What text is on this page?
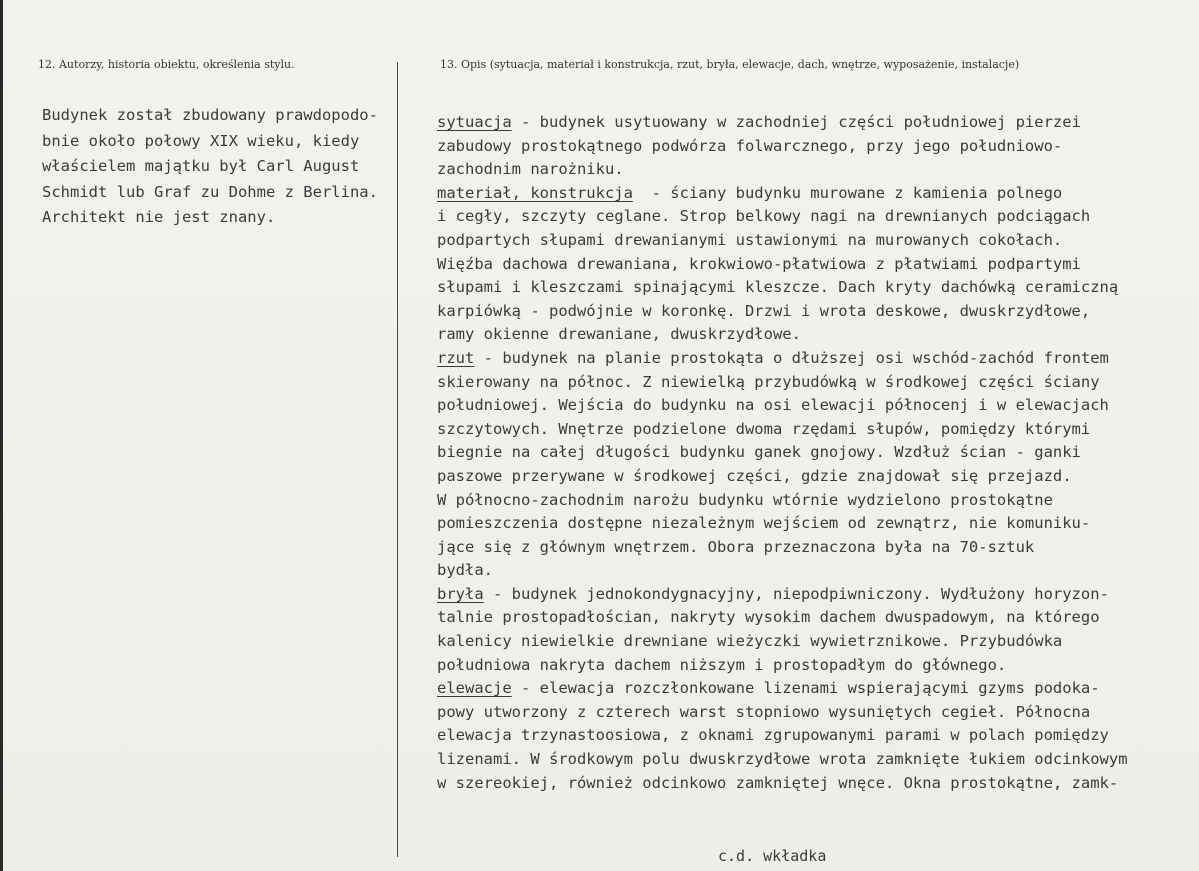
12. Autorzy, historia obiektu, określenia stylu.	13. Opis (sytuacja, materiał i konstrukcja, rzut, bryła, elewacje, dach, wnętrze, wyposażenie, instalacje)
Budynek został zbudowany prawdopodo-
bnie około połowy XIX wieku, kiedy
właścielem majątku był Carl August
Schmidt lub Graf zu Dohme z Berlina.
Architekt nie jest znany.
sytuacja - budynek usytuowany w zachodniej części południowej pierzei
zabudowy prostokątnego podwórza folwarcznego, przy jego południowo-
zachodnim narożniku.
materiał, konstrukcja  - ściany budynku murowane z kamienia polnego
i cegły, szczyty ceglane. Strop belkowy nagi na drewnianych podciągach
podpartych słupami drewanianymi ustawionymi na murowanych cokołach.
Więźba dachowa drewaniana, krokwiowo-płatwiowa z płatwiami podpartymi
słupami i kleszczami spinającymi kleszcze. Dach kryty dachówką ceramiczną
karpiówką - podwójnie w koronkę. Drzwi i wrota deskowe, dwuskrzydłowe,
ramy okienne drewaniane, dwuskrzydłowe.
rzut - budynek na planie prostokąta o dłuższej osi wschód-zachód frontem
skierowany na północ. Z niewielką przybudówką w środkowej części ściany
południowej. Wejścia do budynku na osi elewacji północenj i w elewacjach
szczytowych. Wnętrze podzielone dwoma rzędami słupów, pomiędzy którymi
biegnie na całej długości budynku ganek gnojowy. Wzdłuż ścian - ganki
paszowe przerywane w środkowej części, gdzie znajdował się przejazd.
W północno-zachodnim narożu budynku wtórnie wydzielono prostokątne
pomieszczenia dostępne niezależnym wejściem od zewnątrz, nie komuniku-
jące się z głównym wnętrzem. Obora przeznaczona była na 70-sztuk
bydła.
bryła - budynek jednokondygnacyjny, niepodpiwniczony. Wydłużony horyzon-
talnie prostopadłościan, nakryty wysokim dachem dwuspadowym, na którego
kalenicy niewielkie drewniane wieżyczki wywietrznikowe. Przybudówka
południowa nakryta dachem niższym i prostopadłym do głównego.
elewacje - elewacja rozczłonkowane lizenami wspierającymi gzyms podoka-
powy utworzony z czterech warst stopniowo wysuniętych cegieł. Północna
elewacja trzynastoosiowa, z oknami zgrupowanymi parami w polach pomiędzy
lizenami. W środkowym polu dwuskrzydłowe wrota zamknięte łukiem odcinkowym
w szereokiej, również odcinkowo zamkniętej wnęce. Okna prostokątne, zamk-
c.d. wkładka
